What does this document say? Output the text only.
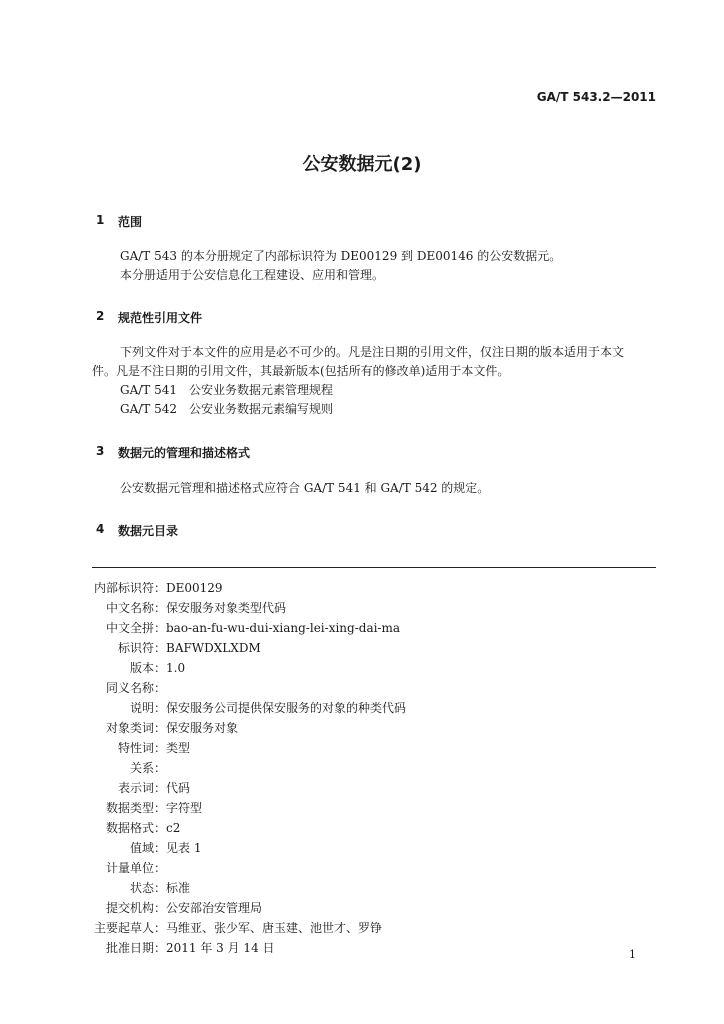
GA/T 543.2—2011
公安数据元(2)
1 范围
GA/T 543 的本分册规定了内部标识符为 DE00129 到 DE00146 的公安数据元。
本分册适用于公安信息化工程建设、应用和管理。
2 规范性引用文件
下列文件对于本文件的应用是必不可少的。凡是注日期的引用文件，仅注日期的版本适用于本文
件。凡是不注日期的引用文件，其最新版本(包括所有的修改单)适用于本文件。
GA/T 541　公安业务数据元素管理规程
GA/T 542　公安业务数据元素编写规则
3 数据元的管理和描述格式
公安数据元管理和描述格式应符合 GA/T 541 和 GA/T 542 的规定。
4 数据元目录
内部标识符：DE00129
中文名称：保安服务对象类型代码
中文全拼：bao-an-fu-wu-dui-xiang-lei-xing-dai-ma
标识符：BAFWDXLXDM
版本：1.0
同义名称：
说明：保安服务公司提供保安服务的对象的种类代码
对象类词：保安服务对象
特性词：类型
关系：
表示词：代码
数据类型：字符型
数据格式：c2
值域：见表 1
计量单位：
状态：标准
提交机构：公安部治安管理局
主要起草人：马维亚、张少军、唐玉建、池世才、罗铮
批准日期：2011 年 3 月 14 日	1
